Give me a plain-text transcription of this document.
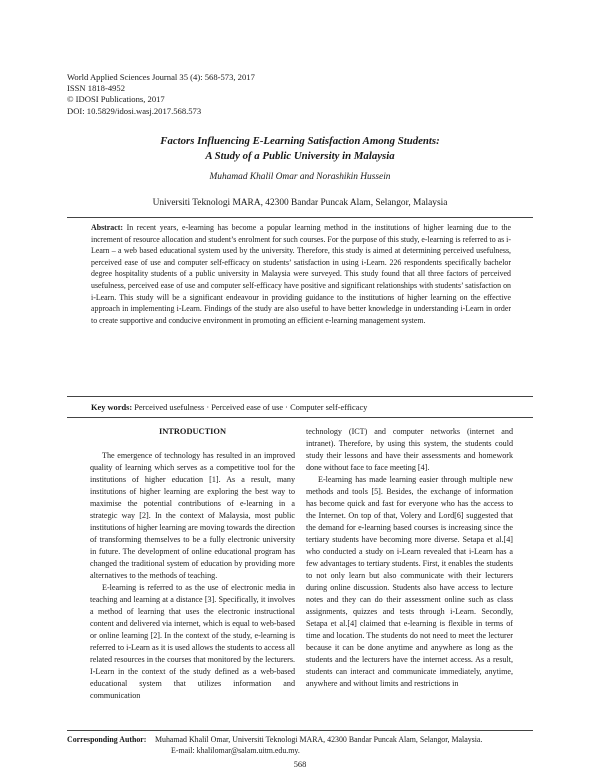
World Applied Sciences Journal 35 (4): 568-573, 2017
ISSN 1818-4952
© IDOSI Publications, 2017
DOI: 10.5829/idosi.wasj.2017.568.573
Factors Influencing E-Learning Satisfaction Among Students:
A Study of a Public University in Malaysia
Muhamad Khalil Omar and Norashikin Hussein
Universiti Teknologi MARA, 42300 Bandar Puncak Alam, Selangor, Malaysia
Abstract: In recent years, e-learning has become a popular learning method in the institutions of higher learning due to the increment of resource allocation and student’s enrolment for such courses. For the purpose of this study, e-learning is referred to as i-Learn – a web based educational system used by the university. Therefore, this study is aimed at determining perceived usefulness, perceived ease of use and computer self-efficacy on students’ satisfaction in using i-Learn. 226 respondents specifically bachelor degree hospitality students of a public university in Malaysia were surveyed. This study found that all three factors of perceived usefulness, perceived ease of use and computer self-efficacy have positive and significant relationships with students’ satisfaction on i-Learn. This study will be a significant endeavour in providing guidance to the institutions of higher learning on the effective approach in implementing i-Learn. Findings of the study are also useful to have better knowledge in understanding i-Learn in order to create supportive and conducive environment in promoting an efficient e-learning management system.
Key words: Perceived usefulness · Perceived ease of use · Computer self-efficacy

INTRODUCTION

The emergence of technology has resulted in an improved quality of learning which serves as a competitive tool for the institutions of higher education [1]. As a result, many institutions of higher learning are exploring the best way to maximise the potential contributions of e-learning in a strategic way [2]. In the context of Malaysia, most public institutions of higher learning are moving towards the direction of transforming themselves to be a fully electronic university in future. The development of online educational program has changed the traditional system of education by providing more alternatives to the methods of teaching.

E-learning is referred to as the use of electronic media in teaching and learning at a distance [3]. Specifically, it involves a method of learning that uses the electronic instructional content and delivered via internet, which is equal to web-based or online learning [2]. In the context of the study, e-learning is referred to i-Learn as it is used allows the students to access all related resources in the courses that monitored by the lecturers. I-Learn in the context of the study defined as a web-based educational system that utilizes information and communication

technology (ICT) and computer networks (internet and intranet). Therefore, by using this system, the students could study their lessons and have their assessments and homework done without face to face meeting [4].

E-learning has made learning easier through multiple new methods and tools [5]. Besides, the exchange of information has become quick and fast for everyone who has the access to the Internet. On top of that, Volery and Lord[6] suggested that the demand for e-learning based courses is increasing since the tertiary students have becoming more diverse. Setapa et al.[4] who conducted a study on i-Learn revealed that i-Learn has a few advantages to tertiary students. First, it enables the students to not only learn but also communicate with their lecturers during online discussion. Students also have access to lecture notes and they can do their assessment online such as class assignments, quizzes and tests through i-Learn. Secondly, Setapa et al.[4] claimed that e-learning is flexible in terms of time and location. The students do not need to meet the lecturer because it can be done anytime and anywhere as long as the students and the lecturers have the internet access. As a result, students can interact and communicate immediately, anytime, anywhere and without limits and restrictions in

Corresponding Author: Muhamad Khalil Omar, Universiti Teknologi MARA, 42300 Bandar Puncak Alam, Selangor, Malaysia.
E-mail: khalilomar@salam.uitm.edu.my.
568
